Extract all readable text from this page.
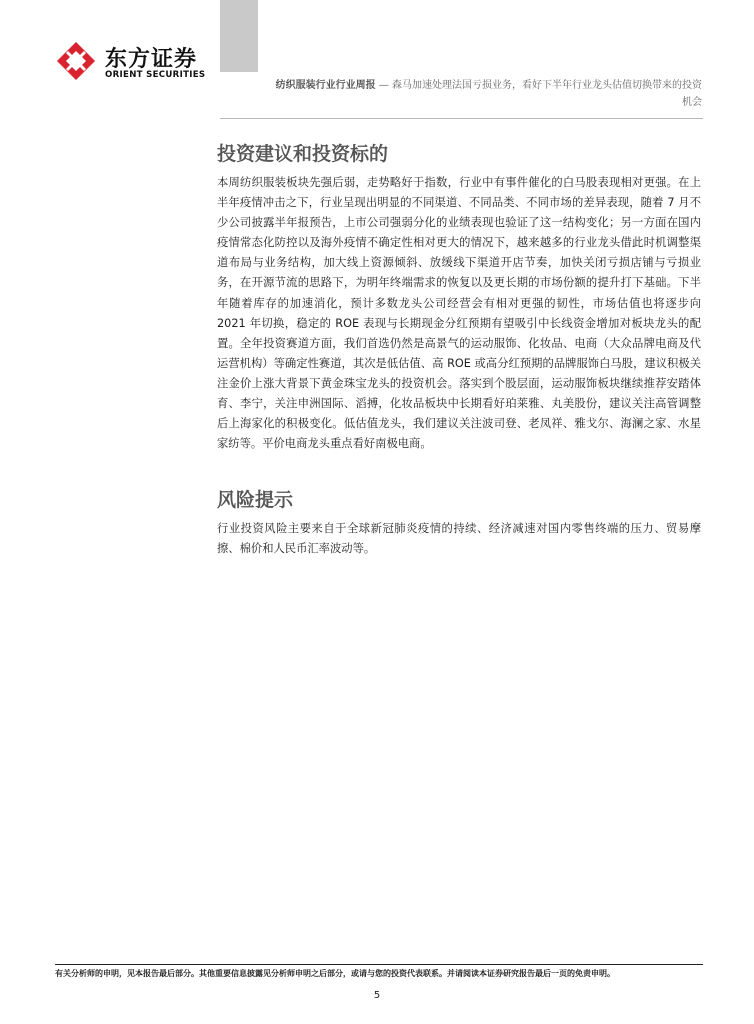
东方证券
ORIENT SECURITIES
纺织服装行业行业周报 — 森马加速处理法国亏损业务，看好下半年行业龙头估值切换带来的投资机会
投资建议和投资标的
本周纺织服装板块先强后弱，走势略好于指数，行业中有事件催化的白马股表现相对更强。在上半年疫情冲击之下，行业呈现出明显的不同渠道、不同品类、不同市场的差异表现，随着 7 月不少公司披露半年报预告，上市公司强弱分化的业绩表现也验证了这一结构变化；另一方面在国内疫情常态化防控以及海外疫情不确定性相对更大的情况下，越来越多的行业龙头借此时机调整渠道布局与业务结构，加大线上资源倾斜、放缓线下渠道开店节奏，加快关闭亏损店铺与亏损业务，在开源节流的思路下，为明年终端需求的恢复以及更长期的市场份额的提升打下基础。下半年随着库存的加速消化，预计多数龙头公司经营会有相对更强的韧性，市场估值也将逐步向 2021 年切换，稳定的 ROE 表现与长期现金分红预期有望吸引中长线资金增加对板块龙头的配置。全年投资赛道方面，我们首选仍然是高景气的运动服饰、化妆品、电商（大众品牌电商及代运营机构）等确定性赛道，其次是低估值、高 ROE 或高分红预期的品牌服饰白马股，建议积极关注金价上涨大背景下黄金珠宝龙头的投资机会。落实到个股层面，运动服饰板块继续推荐安踏体育、李宁，关注申洲国际、滔搏，化妆品板块中长期看好珀莱雅、丸美股份，建议关注高管调整后上海家化的积极变化。低估值龙头，我们建议关注波司登、老凤祥、雅戈尔、海澜之家、水星家纺等。平价电商龙头重点看好南极电商。
风险提示
行业投资风险主要来自于全球新冠肺炎疫情的持续、经济减速对国内零售终端的压力、贸易摩擦、棉价和人民币汇率波动等。
有关分析师的申明，见本报告最后部分。其他重要信息披露见分析师申明之后部分，或请与您的投资代表联系。并请阅读本证券研究报告最后一页的免责申明。
5
